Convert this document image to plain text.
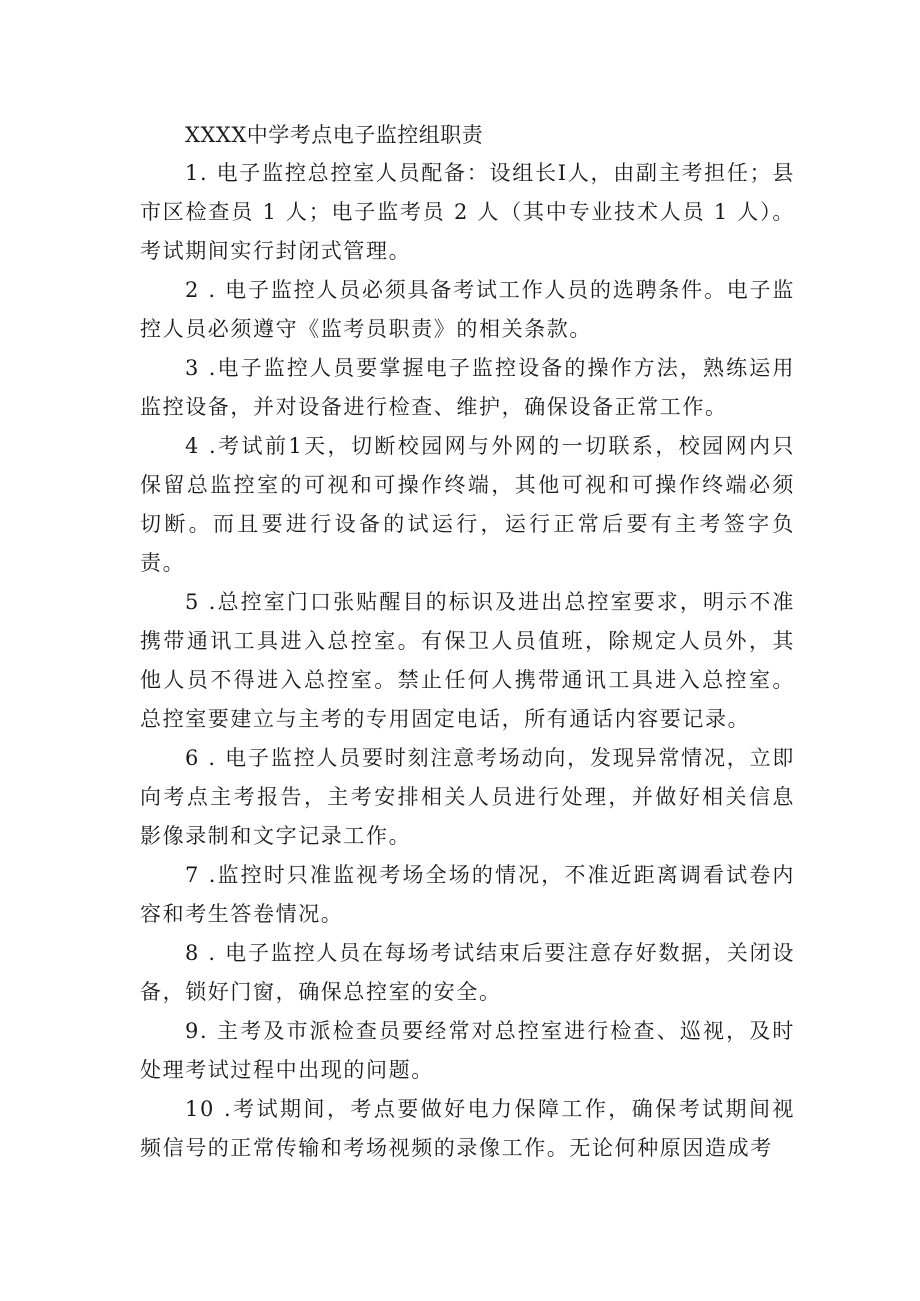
XXXX中学考点电子监控组职责

1. 电子监控总控室人员配备：设组长I人，由副主考担任；县市区检查员 1 人；电子监考员 2 人（其中专业技术人员 1 人）。考试期间实行封闭式管理。

2 . 电子监控人员必须具备考试工作人员的选聘条件。电子监控人员必须遵守《监考员职责》的相关条款。

3 .电子监控人员要掌握电子监控设备的操作方法，熟练运用监控设备，并对设备进行检查、维护，确保设备正常工作。

4 .考试前1天，切断校园网与外网的一切联系，校园网内只保留总监控室的可视和可操作终端，其他可视和可操作终端必须切断。而且要进行设备的试运行，运行正常后要有主考签字负责。

5 .总控室门口张贴醒目的标识及进出总控室要求，明示不准携带通讯工具进入总控室。有保卫人员值班，除规定人员外，其他人员不得进入总控室。禁止任何人携带通讯工具进入总控室。总控室要建立与主考的专用固定电话，所有通话内容要记录。

6 . 电子监控人员要时刻注意考场动向，发现异常情况，立即向考点主考报告，主考安排相关人员进行处理，并做好相关信息影像录制和文字记录工作。

7 .监控时只准监视考场全场的情况，不准近距离调看试卷内容和考生答卷情况。

8 . 电子监控人员在每场考试结束后要注意存好数据，关闭设备，锁好门窗，确保总控室的安全。

9. 主考及市派检查员要经常对总控室进行检查、巡视，及时处理考试过程中出现的问题。

10 .考试期间，考点要做好电力保障工作，确保考试期间视频信号的正常传输和考场视频的录像工作。无论何种原因造成考
